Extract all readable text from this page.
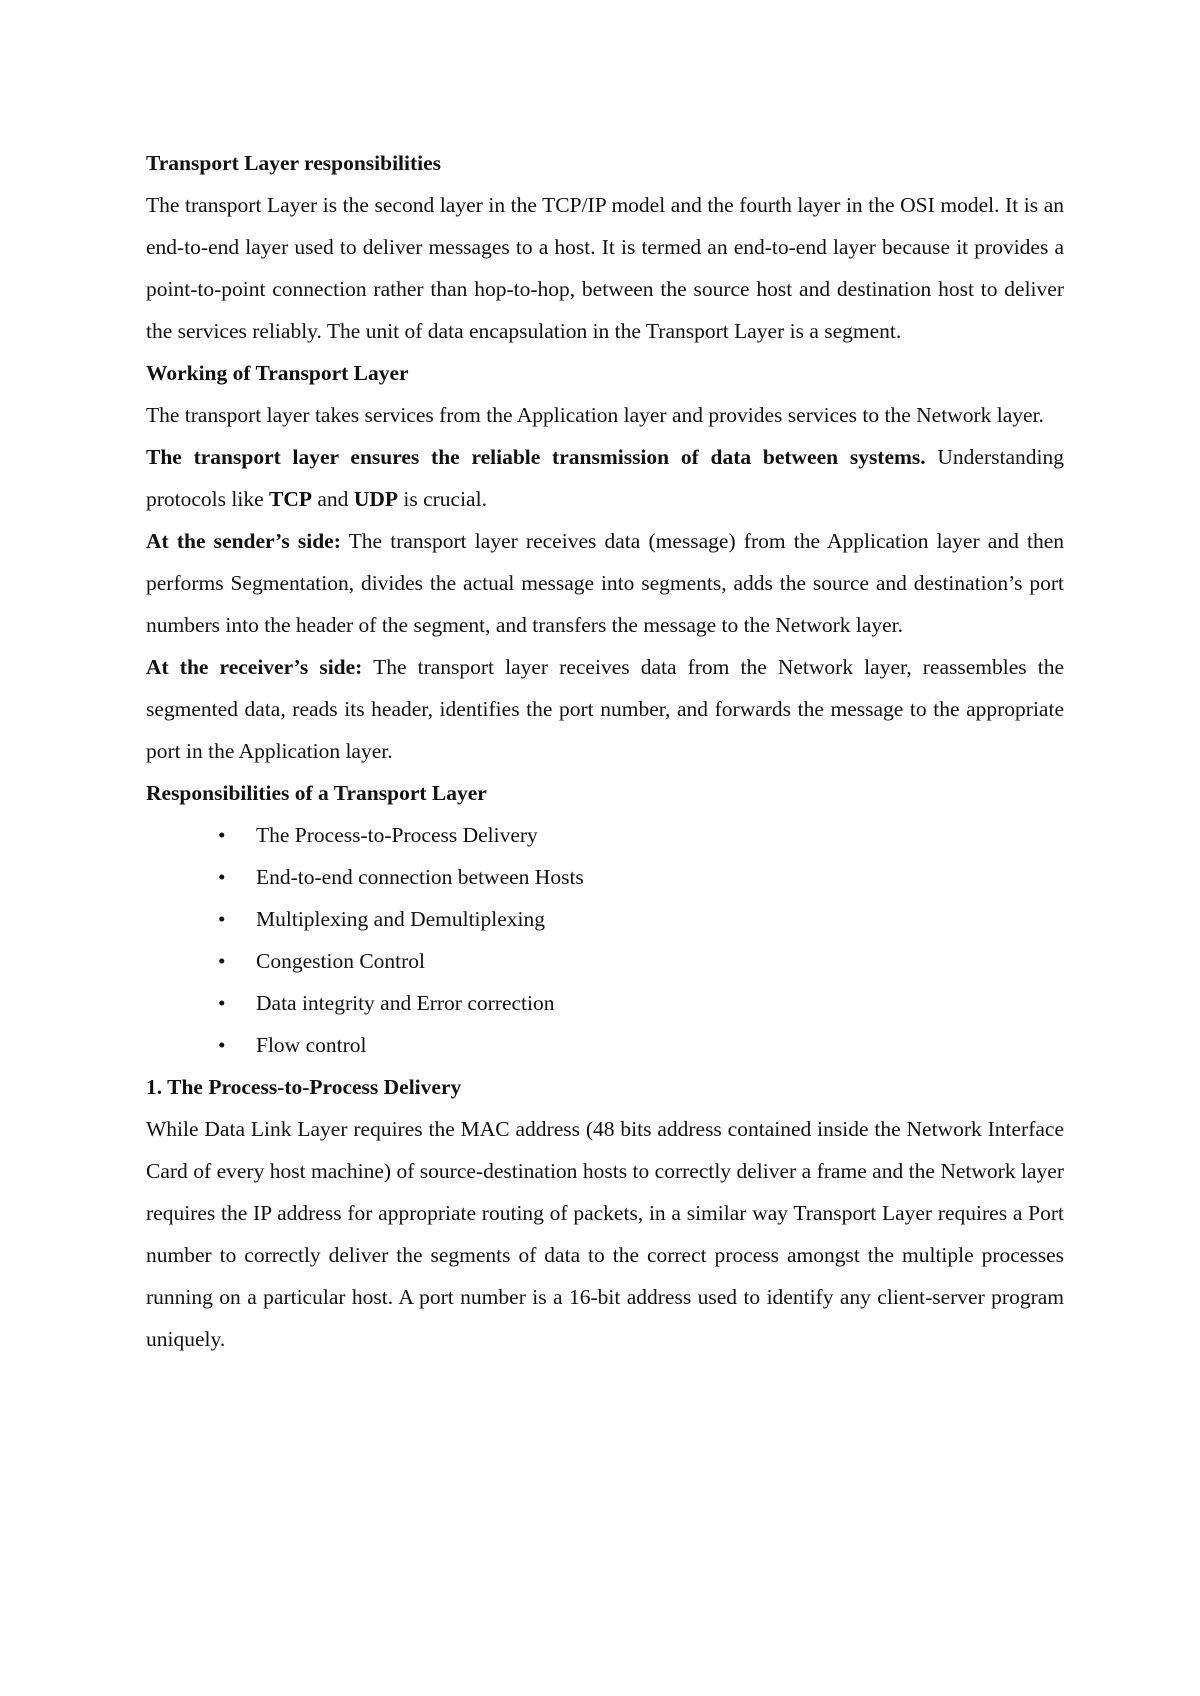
Transport Layer responsibilities

The transport Layer is the second layer in the TCP/IP model and the fourth layer in the OSI model. It is an end-to-end layer used to deliver messages to a host. It is termed an end-to-end layer because it provides a point-to-point connection rather than hop-to-hop, between the source host and destination host to deliver the services reliably. The unit of data encapsulation in the Transport Layer is a segment.

Working of Transport Layer

The transport layer takes services from the Application layer and provides services to the Network layer.

The transport layer ensures the reliable transmission of data between systems. Understanding protocols like TCP and UDP is crucial.

At the sender’s side: The transport layer receives data (message) from the Application layer and then performs Segmentation, divides the actual message into segments, adds the source and destination’s port numbers into the header of the segment, and transfers the message to the Network layer.

At the receiver’s side: The transport layer receives data from the Network layer, reassembles the segmented data, reads its header, identifies the port number, and forwards the message to the appropriate port in the Application layer.

Responsibilities of a Transport Layer

• The Process-to-Process Delivery
• End-to-end connection between Hosts
• Multiplexing and Demultiplexing
• Congestion Control
• Data integrity and Error correction
• Flow control

1. The Process-to-Process Delivery

While Data Link Layer requires the MAC address (48 bits address contained inside the Network Interface Card of every host machine) of source-destination hosts to correctly deliver a frame and the Network layer requires the IP address for appropriate routing of packets, in a similar way Transport Layer requires a Port number to correctly deliver the segments of data to the correct process amongst the multiple processes running on a particular host. A port number is a 16-bit address used to identify any client-server program uniquely.
